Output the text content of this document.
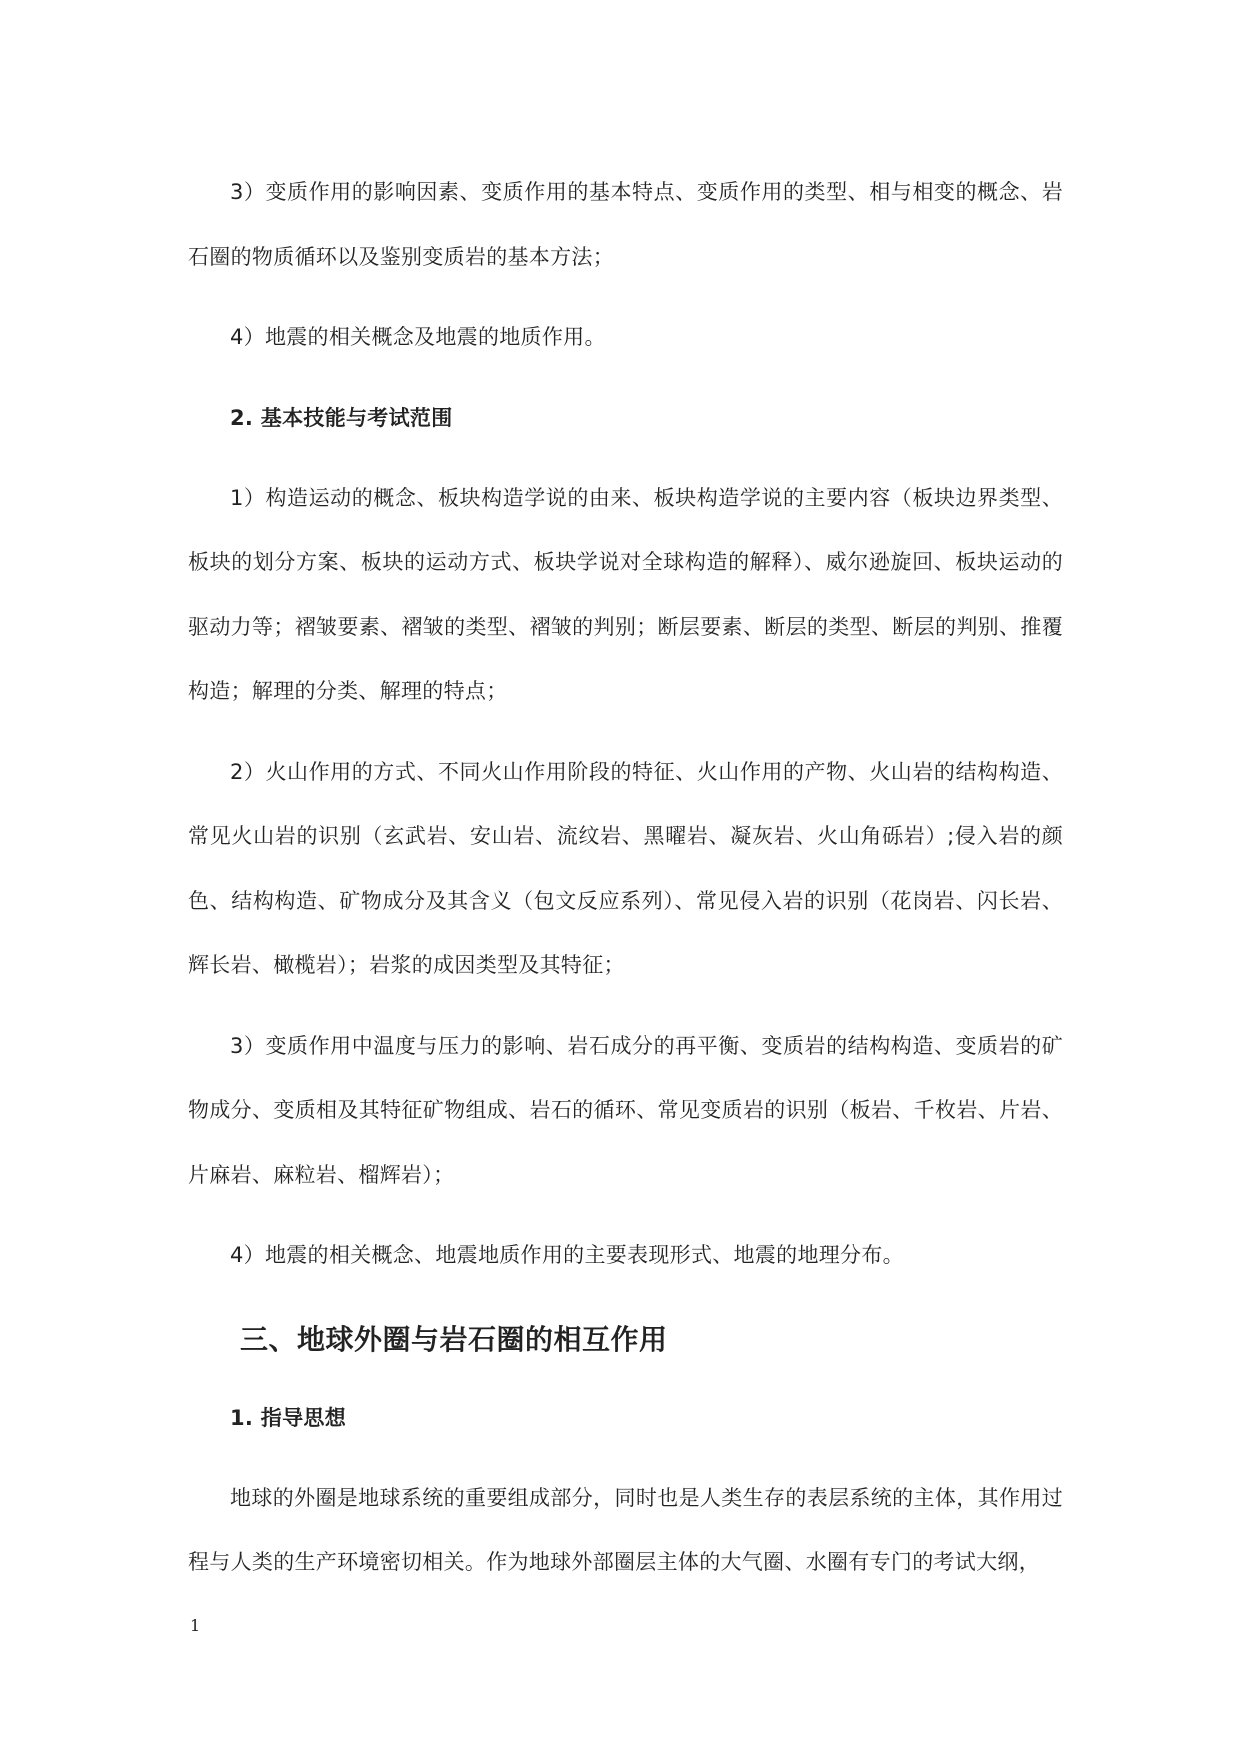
3）变质作用的影响因素、变质作用的基本特点、变质作用的类型、相与相变的概念、岩石圈的物质循环以及鉴别变质岩的基本方法；

4）地震的相关概念及地震的地质作用。

2. 基本技能与考试范围

1）构造运动的概念、板块构造学说的由来、板块构造学说的主要内容（板块边界类型、板块的划分方案、板块的运动方式、板块学说对全球构造的解释）、威尔逊旋回、板块运动的驱动力等；褶皱要素、褶皱的类型、褶皱的判别；断层要素、断层的类型、断层的判别、推覆构造；解理的分类、解理的特点；

2）火山作用的方式、不同火山作用阶段的特征、火山作用的产物、火山岩的结构构造、常见火山岩的识别（玄武岩、安山岩、流纹岩、黑曜岩、凝灰岩、火山角砾岩）;侵入岩的颜色、结构构造、矿物成分及其含义（包文反应系列）、常见侵入岩的识别（花岗岩、闪长岩、辉长岩、橄榄岩）；岩浆的成因类型及其特征；

3）变质作用中温度与压力的影响、岩石成分的再平衡、变质岩的结构构造、变质岩的矿物成分、变质相及其特征矿物组成、岩石的循环、常见变质岩的识别（板岩、千枚岩、片岩、片麻岩、麻粒岩、榴辉岩）；

4）地震的相关概念、地震地质作用的主要表现形式、地震的地理分布。

三、地球外圈与岩石圈的相互作用
1. 指导思想

地球的外圈是地球系统的重要组成部分，同时也是人类生存的表层系统的主体，其作用过程与人类的生产环境密切相关。作为地球外部圈层主体的大气圈、水圈有专门的考试大纲，

1
